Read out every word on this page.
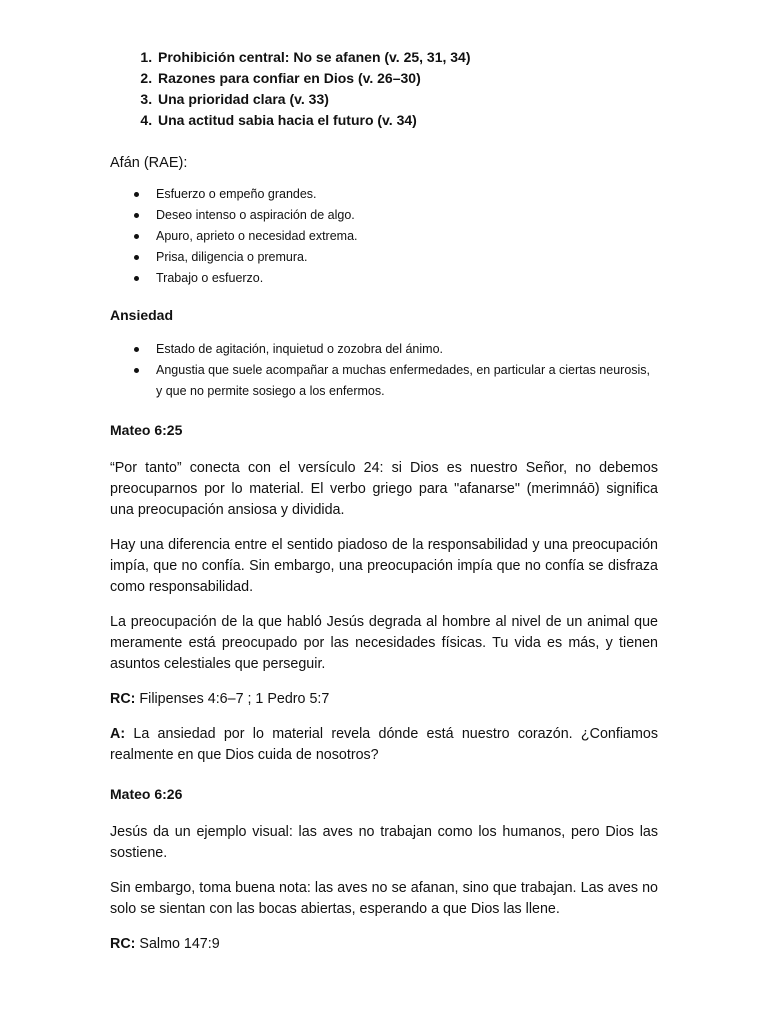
1. Prohibición central: No se afanen (v. 25, 31, 34)
2. Razones para confiar en Dios (v. 26–30)
3. Una prioridad clara (v. 33)
4. Una actitud sabia hacia el futuro (v. 34)

Afán (RAE):

Esfuerzo o empeño grandes.
Deseo intenso o aspiración de algo.
Apuro, aprieto o necesidad extrema.
Prisa, diligencia o premura.
Trabajo o esfuerzo.

Ansiedad

Estado de agitación, inquietud o zozobra del ánimo.
Angustia que suele acompañar a muchas enfermedades, en particular a ciertas neurosis, y que no permite sosiego a los enfermos.

Mateo 6:25

“Por tanto” conecta con el versículo 24: si Dios es nuestro Señor, no debemos preocuparnos por lo material. El verbo griego para "afanarse" (merimnáō) significa una preocupación ansiosa y dividida.

Hay una diferencia entre el sentido piadoso de la responsabilidad y una preocupación impía, que no confía. Sin embargo, una preocupación impía que no confía se disfraza como responsabilidad.

La preocupación de la que habló Jesús degrada al hombre al nivel de un animal que meramente está preocupado por las necesidades físicas. Tu vida es más, y tienen asuntos celestiales que perseguir.

RC: Filipenses 4:6–7 ; 1 Pedro 5:7

A: La ansiedad por lo material revela dónde está nuestro corazón. ¿Confiamos realmente en que Dios cuida de nosotros?

Mateo 6:26

Jesús da un ejemplo visual: las aves no trabajan como los humanos, pero Dios las sostiene.

Sin embargo, toma buena nota: las aves no se afanan, sino que trabajan. Las aves no solo se sientan con las bocas abiertas, esperando a que Dios las llene.

RC: Salmo 147:9
